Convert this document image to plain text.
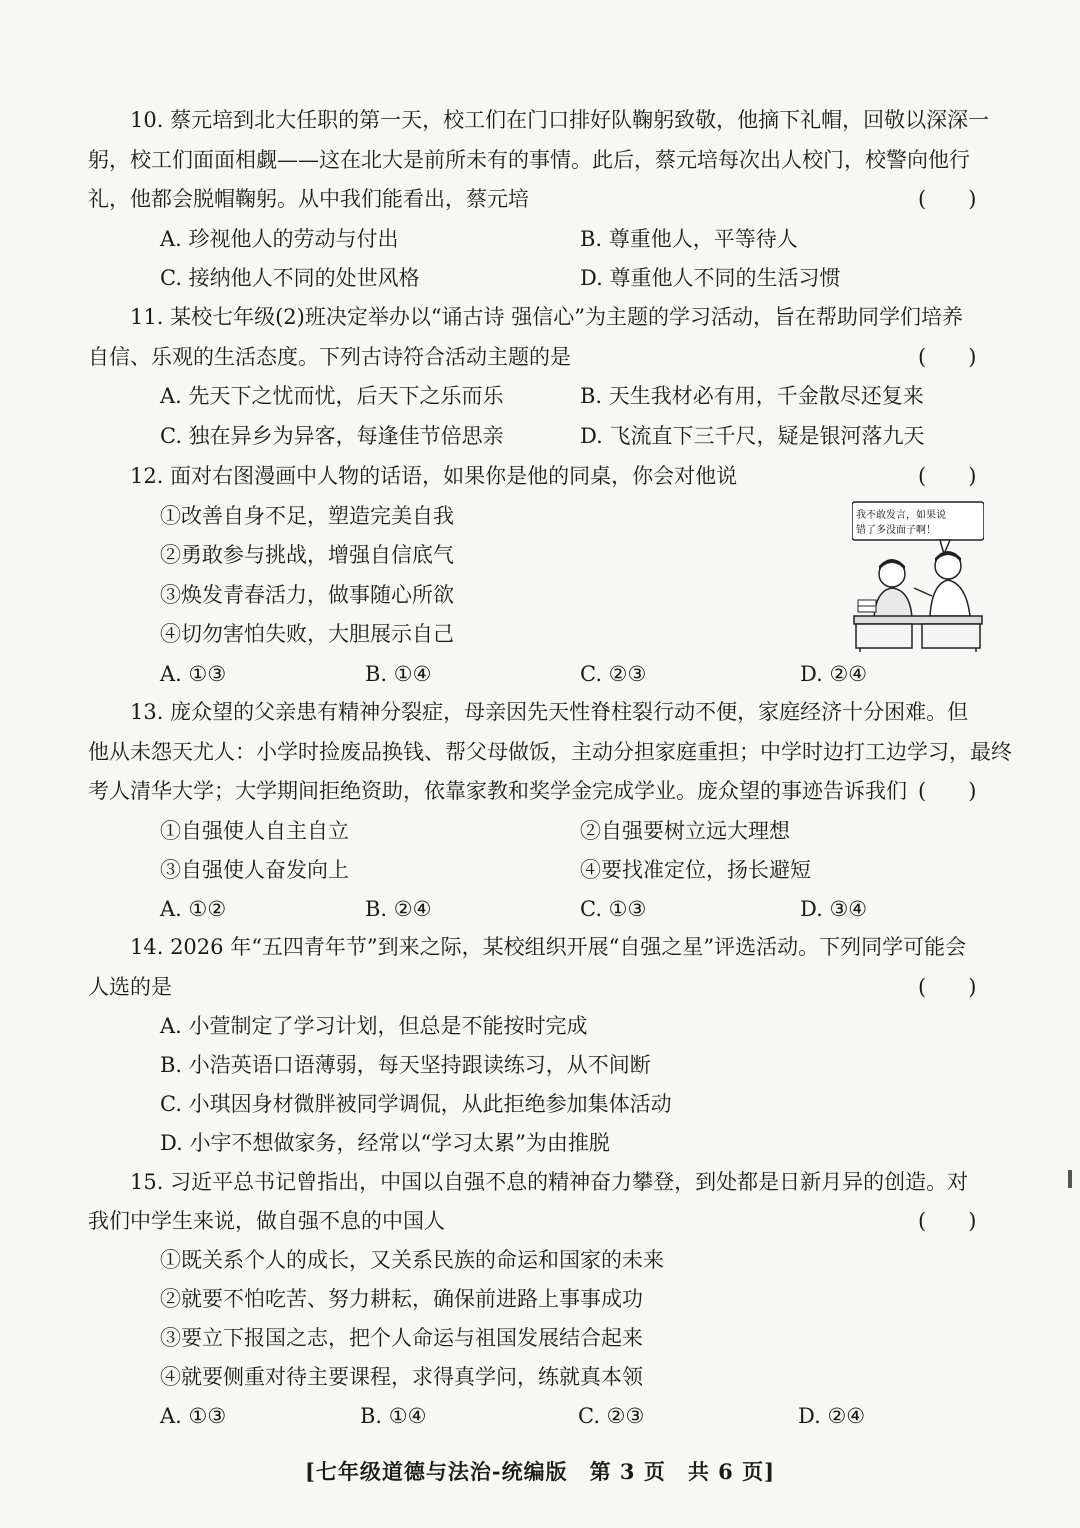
10. 蔡元培到北大任职的第一天，校工们在门口排好队鞠躬致敬，他摘下礼帽，回敬以深深一
躬，校工们面面相觑——这在北大是前所未有的事情。此后，蔡元培每次出人校门，校警向他行
礼，他都会脱帽鞠躬。从中我们能看出，蔡元培	(　　)
A. 珍视他人的劳动与付出	B. 尊重他人，平等待人
C. 接纳他人不同的处世风格	D. 尊重他人不同的生活习惯
11. 某校七年级(2)班决定举办以“诵古诗 强信心”为主题的学习活动，旨在帮助同学们培养
自信、乐观的生活态度。下列古诗符合活动主题的是	(　　)
A. 先天下之忧而忧，后天下之乐而乐	B. 天生我材必有用，千金散尽还复来
C. 独在异乡为异客，每逢佳节倍思亲	D. 飞流直下三千尺，疑是银河落九天
12. 面对右图漫画中人物的话语，如果你是他的同桌，你会对他说	(　　)
①改善自身不足，塑造完美自我
②勇敢参与挑战，增强自信底气
③焕发青春活力，做事随心所欲
④切勿害怕失败，大胆展示自己
A. ①③	B. ①④	C. ②③	D. ②④
我不敢发言，如果说
错了多没面子啊！
13. 庞众望的父亲患有精神分裂症，母亲因先天性脊柱裂行动不便，家庭经济十分困难。但
他从未怨天尤人：小学时捡废品换钱、帮父母做饭，主动分担家庭重担；中学时边打工边学习，最终
考人清华大学；大学期间拒绝资助，依靠家教和奖学金完成学业。庞众望的事迹告诉我们 (　　)
①自强使人自主自立	②自强要树立远大理想
③自强使人奋发向上	④要找准定位，扬长避短
A. ①②	B. ②④	C. ①③	D. ③④
14. 2026 年“五四青年节”到来之际，某校组织开展“自强之星”评选活动。下列同学可能会
人选的是	(　　)
A. 小萱制定了学习计划，但总是不能按时完成
B. 小浩英语口语薄弱，每天坚持跟读练习，从不间断
C. 小琪因身材微胖被同学调侃，从此拒绝参加集体活动
D. 小宇不想做家务，经常以“学习太累”为由推脱
15. 习近平总书记曾指出，中国以自强不息的精神奋力攀登，到处都是日新月异的创造。对
我们中学生来说，做自强不息的中国人	(　　)
①既关系个人的成长，又关系民族的命运和国家的未来
②就要不怕吃苦、努力耕耘，确保前进路上事事成功
③要立下报国之志，把个人命运与祖国发展结合起来
④就要侧重对待主要课程，求得真学问，练就真本领
A. ①③	B. ①④	C. ②③	D. ②④
[七年级道德与法治-统编版　第 3 页　共 6 页]
